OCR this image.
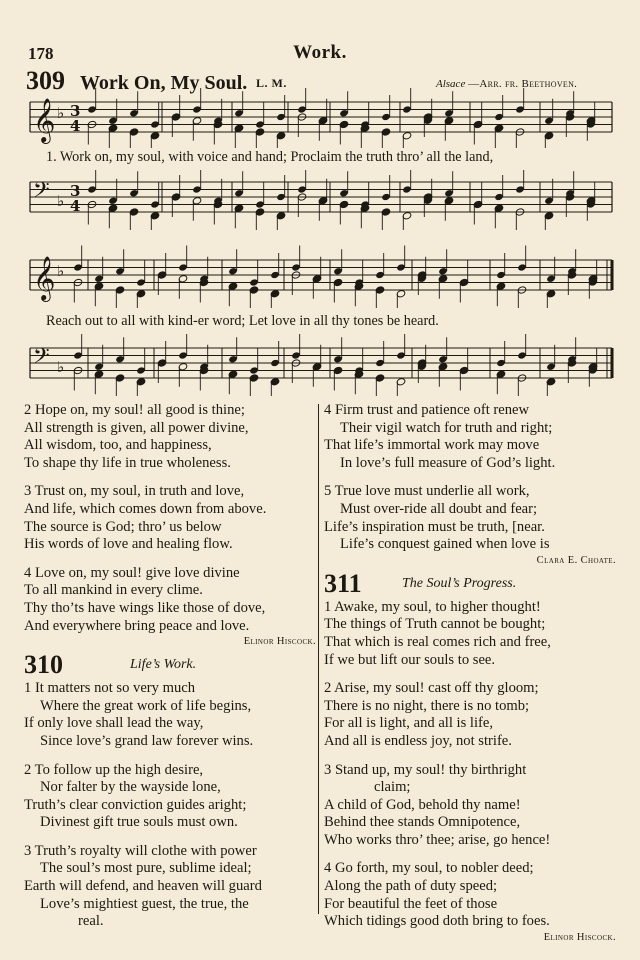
178	Work.
309 Work On, My Soul. L. M.	Alsace —Arr. fr. Beethoven.
𝄞 ♭ 3
4
1. Work on, my soul, with voice and hand; Proclaim the truth thro’ all the land,
𝄢 ♭
3
4
𝄞 ♭
Reach out to all with kind-er word; Let love in all thy tones be heard.
𝄢 ♭
2 Hope on, my soul! all good is thine;
All strength is given, all power divine,
All wisdom, too, and happiness,
To shape thy life in true wholeness.
3 Trust on, my soul, in truth and love,
And life, which comes down from above.
The source is God; thro’ us below
His words of love and healing flow.
4 Love on, my soul! give love divine
To all mankind in every clime.
Thy tho’ts have wings like those of dove,
And everywhere bring peace and love.
Elinor Hiscock.
310	Life’s Work.
1 It matters not so very much
Where the great work of life begins,
If only love shall lead the way,
Since love’s grand law forever wins.
2 To follow up the high desire,
Nor falter by the wayside lone,
Truth’s clear conviction guides aright;
Divinest gift true souls must own.
3 Truth’s royalty will clothe with power
The soul’s most pure, sublime ideal;
Earth will defend, and heaven will guard
Love’s mightiest guest, the true, the
real.
4 Firm trust and patience oft renew
Their vigil watch for truth and right;
That life’s immortal work may move
In love’s full measure of God’s light.
5 True love must underlie all work,
Must over-ride all doubt and fear;
Life’s inspiration must be truth, [near.
Life’s conquest gained when love is
Clara E. Choate.
311	The Soul’s Progress.
1 Awake, my soul, to higher thought!
The things of Truth cannot be bought;
That which is real comes rich and free,
If we but lift our souls to see.
2 Arise, my soul! cast off thy gloom;
There is no night, there is no tomb;
For all is light, and all is life,
And all is endless joy, not strife.
3 Stand up, my soul! thy birthright
claim;
A child of God, behold thy name!
Behind thee stands Omnipotence,
Who works thro’ thee; arise, go hence!
4 Go forth, my soul, to nobler deed;
Along the path of duty speed;
For beautiful the feet of those
Which tidings good doth bring to foes.
Elinor Hiscock.
